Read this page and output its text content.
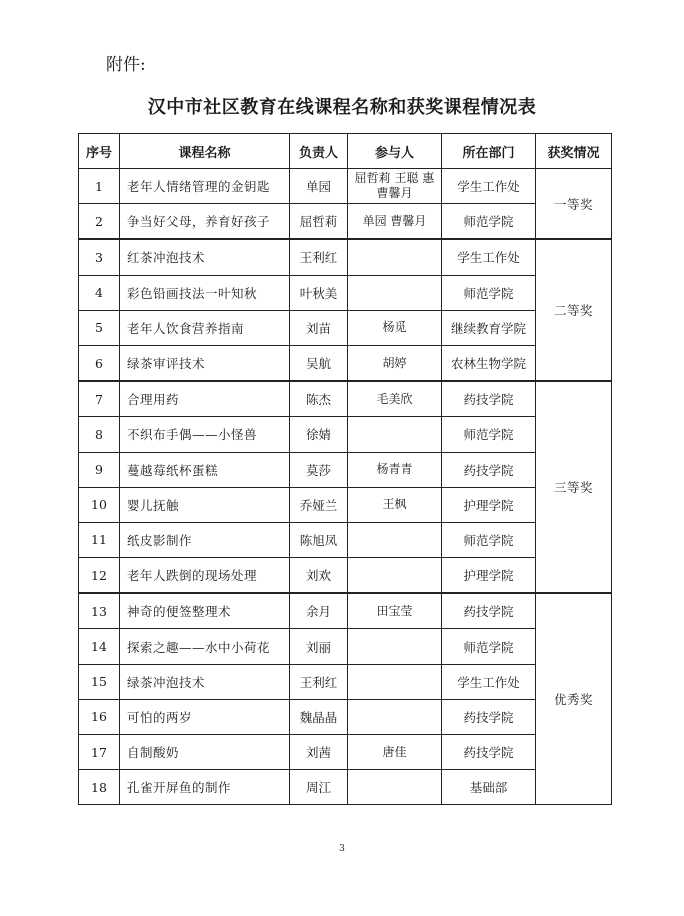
附件:
汉中市社区教育在线课程名称和获奖课程情况表
序号	课程名称	负责人	参与人	所在部门	获奖情况
1	老年人情绪管理的金钥匙	单园	屈哲莉 王聪 惠曹馨月	学生工作处	一等奖
2	争当好父母，养育好孩子	屈哲莉	单园 曹馨月	师范学院	
3	红茶冲泡技术	王利红		学生工作处	二等奖
4	彩色铅画技法一叶知秋	叶秋美		师范学院	
5	老年人饮食营养指南	刘苗	杨觅	继续教育学院	
6	绿茶审评技术	吴航	胡婷	农林生物学院	
7	合理用药	陈杰	毛美欣	药技学院	三等奖
8	不织布手偶——小怪兽	徐婧		师范学院	
9	蔓越莓纸杯蛋糕	莫莎	杨青青	药技学院	
10	婴儿抚触	乔娅兰	王枫	护理学院	
11	纸皮影制作	陈旭凤		师范学院	
12	老年人跌倒的现场处理	刘欢		护理学院	
13	神奇的便签整理术	余月	田宝莹	药技学院	优秀奖
14	探索之趣——水中小荷花	刘丽		师范学院	
15	绿茶冲泡技术	王利红		学生工作处	
16	可怕的两岁	魏晶晶		药技学院	
17	自制酸奶	刘茜	唐佳	药技学院	
18	孔雀开屏鱼的制作	周江		基础部	
3
